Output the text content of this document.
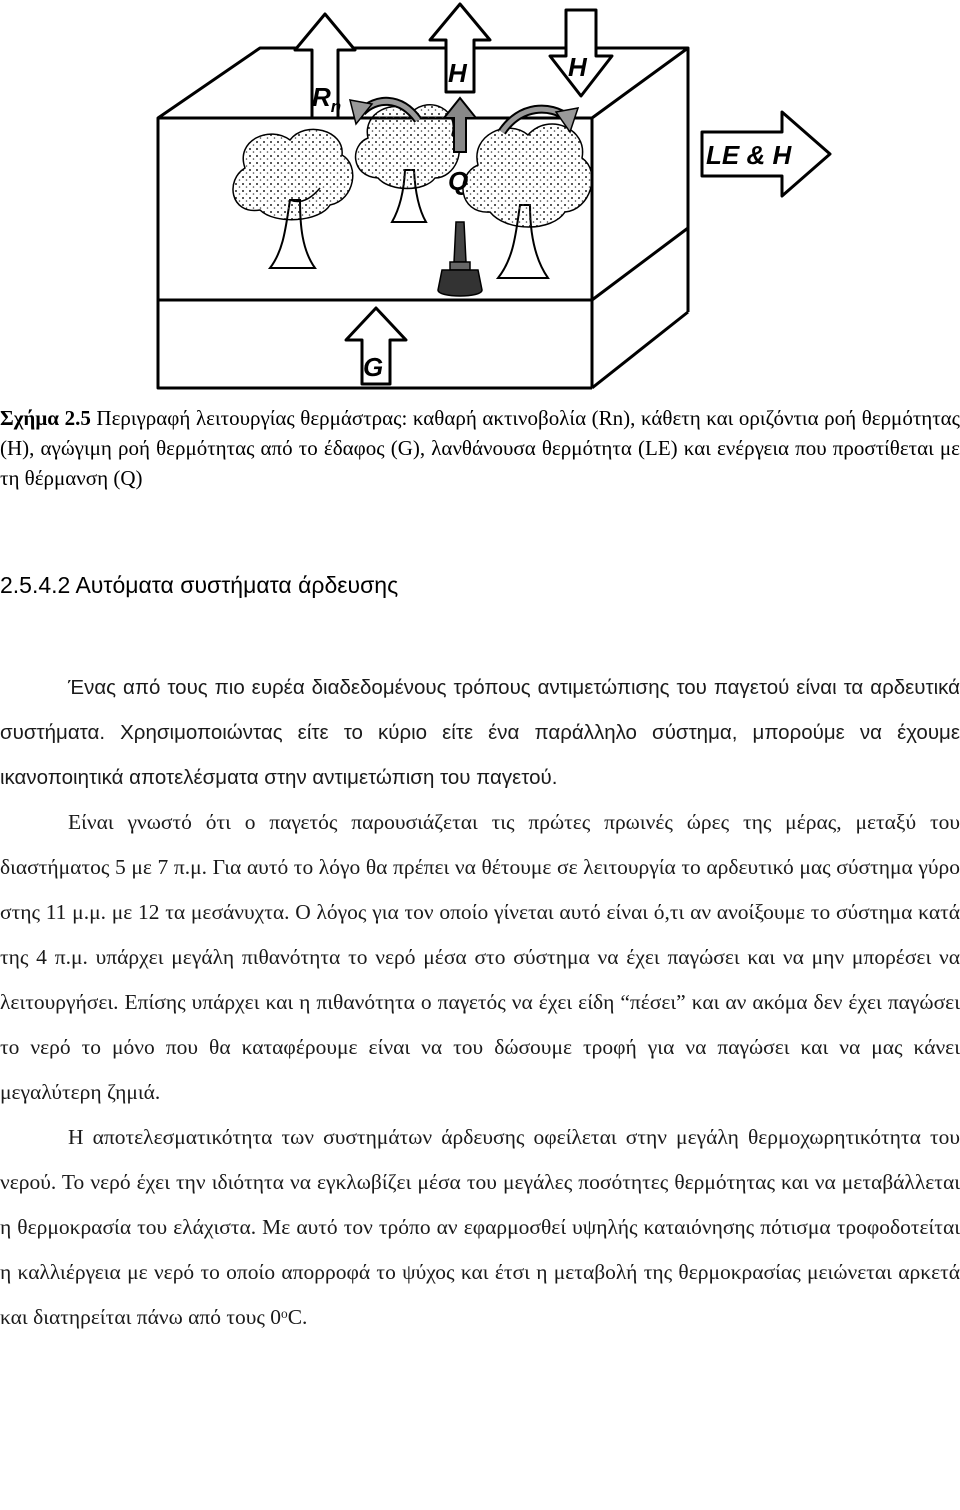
$R_n$
H	H
LE & H
Q
G
Σχήμα 2.5 Περιγραφή λειτουργίας θερμάστρας: καθαρή ακτινοβολία (Rn), κάθετη και οριζόντια ροή θερμότητας (Η), αγώγιμη ροή θερμότητας από το έδαφος (G), λανθάνουσα θερμότητα (LE) και ενέργεια που προστίθεται με τη θέρμανση (Q)
2.5.4.2 Αυτόματα συστήματα άρδευσης

Ένας από τους πιο ευρέα διαδεδομένους τρόπους αντιμετώπισης του παγετού είναι τα αρδευτικά συστήματα. Χρησιμοποιώντας είτε το κύριο είτε ένα παράλληλο σύστημα, μπορούμε να έχουμε ικανοποιητικά αποτελέσματα στην αντιμετώπιση του παγετού.

Είναι γνωστό ότι ο παγετός παρουσιάζεται τις πρώτες πρωινές ώρες της μέρας, μεταξύ του διαστήματος 5 με 7 π.μ. Για αυτό το λόγο θα πρέπει να θέτουμε σε λειτουργία το αρδευτικό μας σύστημα γύρο στης 11 μ.μ. με 12 τα μεσάνυχτα. Ο λόγος για τον οποίο γίνεται αυτό είναι ό,τι αν ανοίξουμε το σύστημα κατά της 4 π.μ. υπάρχει μεγάλη πιθανότητα το νερό μέσα στο σύστημα να έχει παγώσει και να μην μπορέσει να λειτουργήσει. Επίσης υπάρχει και η πιθανότητα ο παγετός να έχει είδη “πέσει” και αν ακόμα δεν έχει παγώσει το νερό το μόνο που θα καταφέρουμε είναι να του δώσουμε τροφή για να παγώσει και να μας κάνει μεγαλύτερη ζημιά.

Η αποτελεσματικότητα των συστημάτων άρδευσης οφείλεται στην μεγάλη θερμοχωρητικότητα του νερού. Το νερό έχει την ιδιότητα να εγκλωβίζει μέσα του μεγάλες ποσότητες θερμότητας και να μεταβάλλεται η θερμοκρασία του ελάχιστα. Με αυτό τον τρόπο αν εφαρμοσθεί υψηλής καταιόνησης πότισμα τροφοδοτείται η καλλιέργεια με νερό το οποίο απορροφά το ψύχος και έτσι η μεταβολή της θερμοκρασίας μειώνεται αρκετά και διατηρείται πάνω από τους 0$^o$C.
